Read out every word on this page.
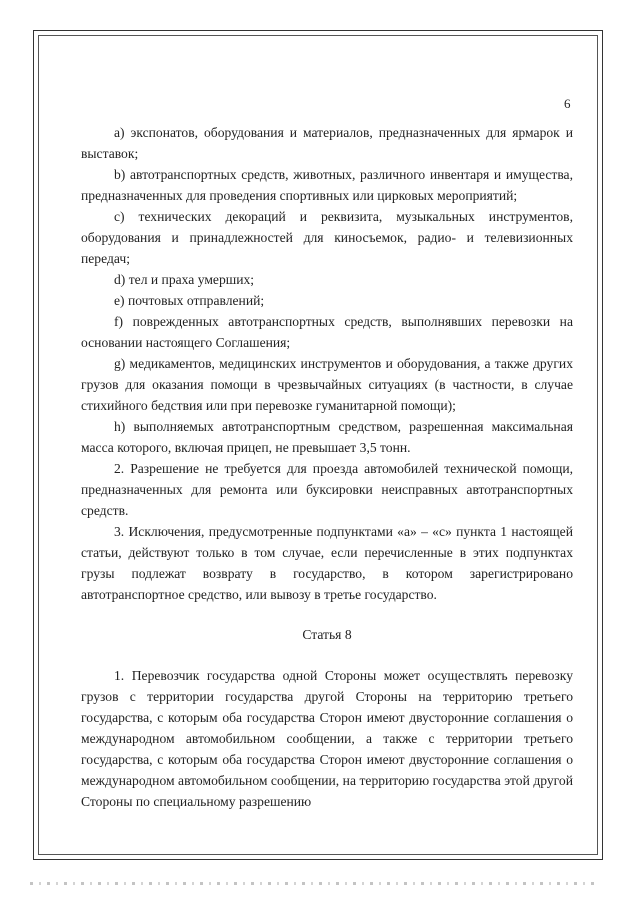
6

a) экспонатов, оборудования и материалов, предназначенных для ярмарок и выставок;

b) автотранспортных средств, животных, различного инвентаря и имущества, предназначенных для проведения спортивных или цирковых мероприятий;

c) технических декораций и реквизита, музыкальных инструментов, оборудования и принадлежностей для киносъемок, радио- и телевизионных передач;

d) тел и праха умерших;

e) почтовых отправлений;

f) поврежденных автотранспортных средств, выполнявших перевозки на основании настоящего Соглашения;

g) медикаментов, медицинских инструментов и оборудования, а также других грузов для оказания помощи в чрезвычайных ситуациях (в частности, в случае стихийного бедствия или при перевозке гуманитарной помощи);

h) выполняемых автотранспортным средством, разрешенная максимальная масса которого, включая прицеп, не превышает 3,5 тонн.

2. Разрешение не требуется для проезда автомобилей технической помощи, предназначенных для ремонта или буксировки неисправных автотранспортных средств.

3. Исключения, предусмотренные подпунктами «a» – «c» пункта 1 настоящей статьи, действуют только в том случае, если перечисленные в этих подпунктах грузы подлежат возврату в государство, в котором зарегистрировано автотранспортное средство, или вывозу в третье государство.

Статья 8

1. Перевозчик государства одной Стороны может осуществлять перевозку грузов с территории государства другой Стороны на территорию третьего государства, с которым оба государства Сторон имеют двусторонние соглашения о международном автомобильном сообщении, а также с территории третьего государства, с которым оба государства Сторон имеют двусторонние соглашения о международном автомобильном сообщении, на территорию государства этой другой Стороны по специальному разрешению
